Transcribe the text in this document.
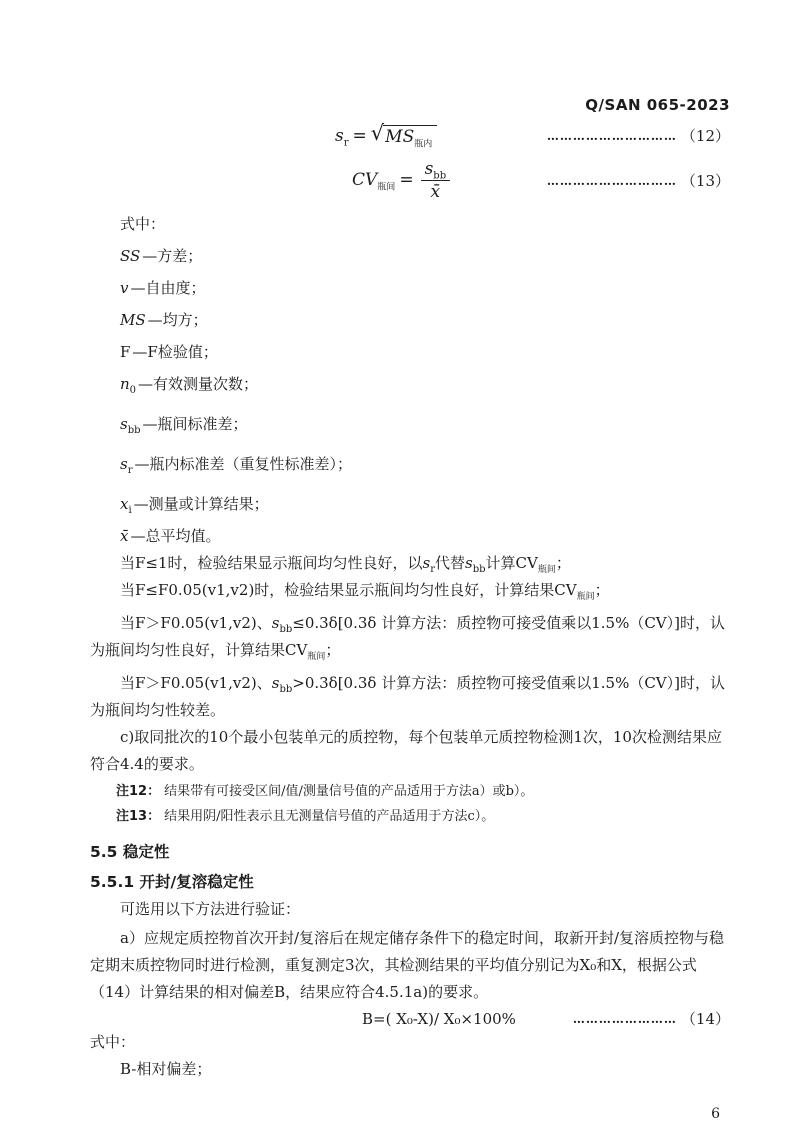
Q/SAN 065-2023
$s_r$ = √ $MS_{瓶内}$
………………………… （12）
$CV_{瓶间} = \frac{s_{bb}}{x̄}$	………………………… （13）
式中：
SS —方差；
v —自由度；
MS —均方；
F —F检验值；
$n_0$ —有效测量次数；
$s_{bb}$ —瓶间标准差；
$s_r$ —瓶内标准差（重复性标准差）；
$x_i$ —测量或计算结果；
x̄ —总平均值。

当F≤1时，检验结果显示瓶间均匀性良好，以$s_r$代替$s_{bb}$计算$CV_{瓶间}$；

当F≤F0.05(v1,v2)时，检验结果显示瓶间均匀性良好，计算结果$CV_{瓶间}$；

当F＞F0.05(v1,v2)、$s_{bb}\le 0.3\delta[0.3\delta$ 计算方法：质控物可接受值乘以1.5%（CV）]时，认为瓶间均匀性良好，计算结果$CV_{瓶间}$；

当F＞F0.05(v1,v2)、$s_{bb}>0.3\delta[0.3\delta$ 计算方法：质控物可接受值乘以1.5%（CV）]时，认为瓶间均匀性较差。

c)取同批次的10个最小包装单元的质控物，每个包装单元质控物检测1次，10次检测结果应符合4.4的要求。

注12： 结果带有可接受区间/值/测量信号值的产品适用于方法a）或b）。

注13： 结果用阴/阳性表示且无测量信号值的产品适用于方法c）。

5.5 稳定性
5.5.1 开封/复溶稳定性

可选用以下方法进行验证：

a）应规定质控物首次开封/复溶后在规定储存条件下的稳定时间，取新开封/复溶质控物与稳定期末质控物同时进行检测，重复测定3次，其检测结果的平均值分别记为X₀和X，根据公式（14）计算结果的相对偏差B，结果应符合4.5.1a)的要求。

B=( X₀-X)/ X₀×100%	…………………… （14）

式中：

B-相对偏差；

6
